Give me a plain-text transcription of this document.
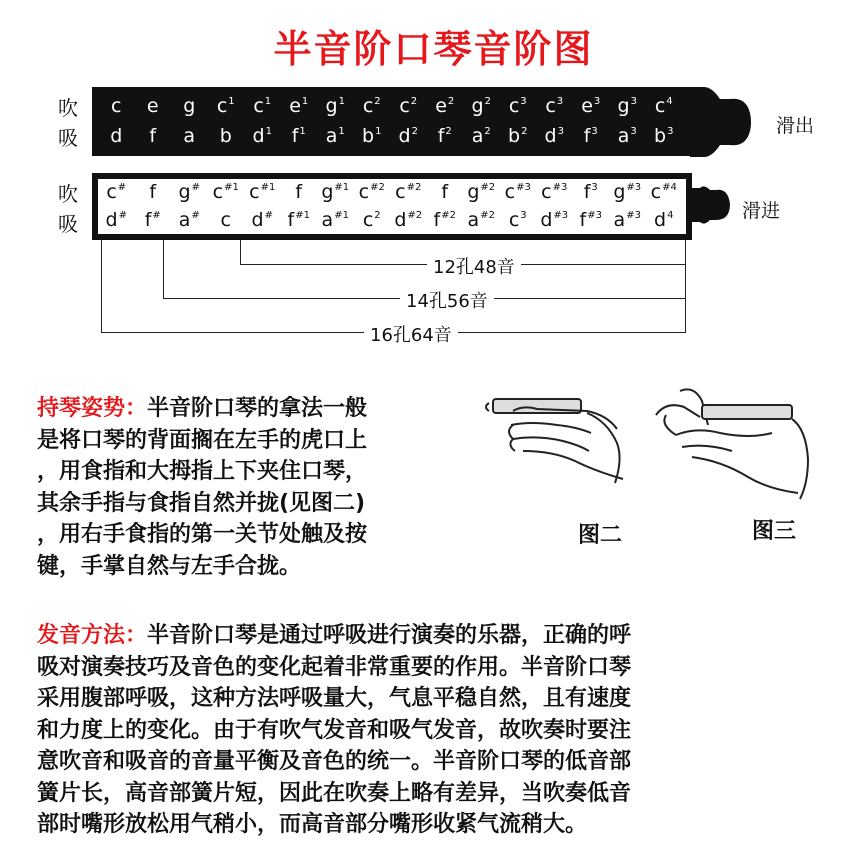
半音阶口琴音阶图
吹
吸
c	e	g	$c^1$ $c^1$ $e^1$ $g^1$ $c^2$ $c^2$ $e^2$ $g^2$ $c^3$ $c^3$ $e^3$ $g^3$ $c^4$
d	f	a	b	$d^1$	$f^1$	$a^1$ $b^1$ $d^2$	$f^2$	$a^2$ $b^2$ $d^3$	$f^3$	$a^3$ $b^3$	滑出
吹
吸
c#	f	g# $c^{\#1}$ $c^{\#1}$	f	$g^{\#1}$ $c^{\#2}$ $c^{\#2}$	f	$g^{\#2}$ $c^{\#3}$ $c^{\#3}$ $f^3$ $g^{\#3}$ $c^{\#4}$
d# f# a#	c	d# $f^{\#1}$ $a^{\#1}$ $c^2$ $d^{\#2}$ $f^{\#2}$ $a^{\#2}$ $c^3$ $d^{\#3}$ $f^{\#3}$ $a^{\#3}$ $d^4$	滑进
12孔48音
14孔56音
16孔64音
持琴姿势：半音阶口琴的拿法一般
是将口琴的背面搁在左手的虎口上
，用食指和大拇指上下夹住口琴，
其余手指与食指自然并拢(见图二)
，用右手食指的第一关节处触及按
键，手掌自然与左手合拢。
图二	图三
发音方法：半音阶口琴是通过呼吸进行演奏的乐器，正确的呼
吸对演奏技巧及音色的变化起着非常重要的作用。半音阶口琴
采用腹部呼吸，这种方法呼吸量大，气息平稳自然，且有速度
和力度上的变化。由于有吹气发音和吸气发音，故吹奏时要注
意吹音和吸音的音量平衡及音色的统一。半音阶口琴的低音部
簧片长，高音部簧片短，因此在吹奏上略有差异，当吹奏低音
部时嘴形放松用气稍小，而高音部分嘴形收紧气流稍大。
